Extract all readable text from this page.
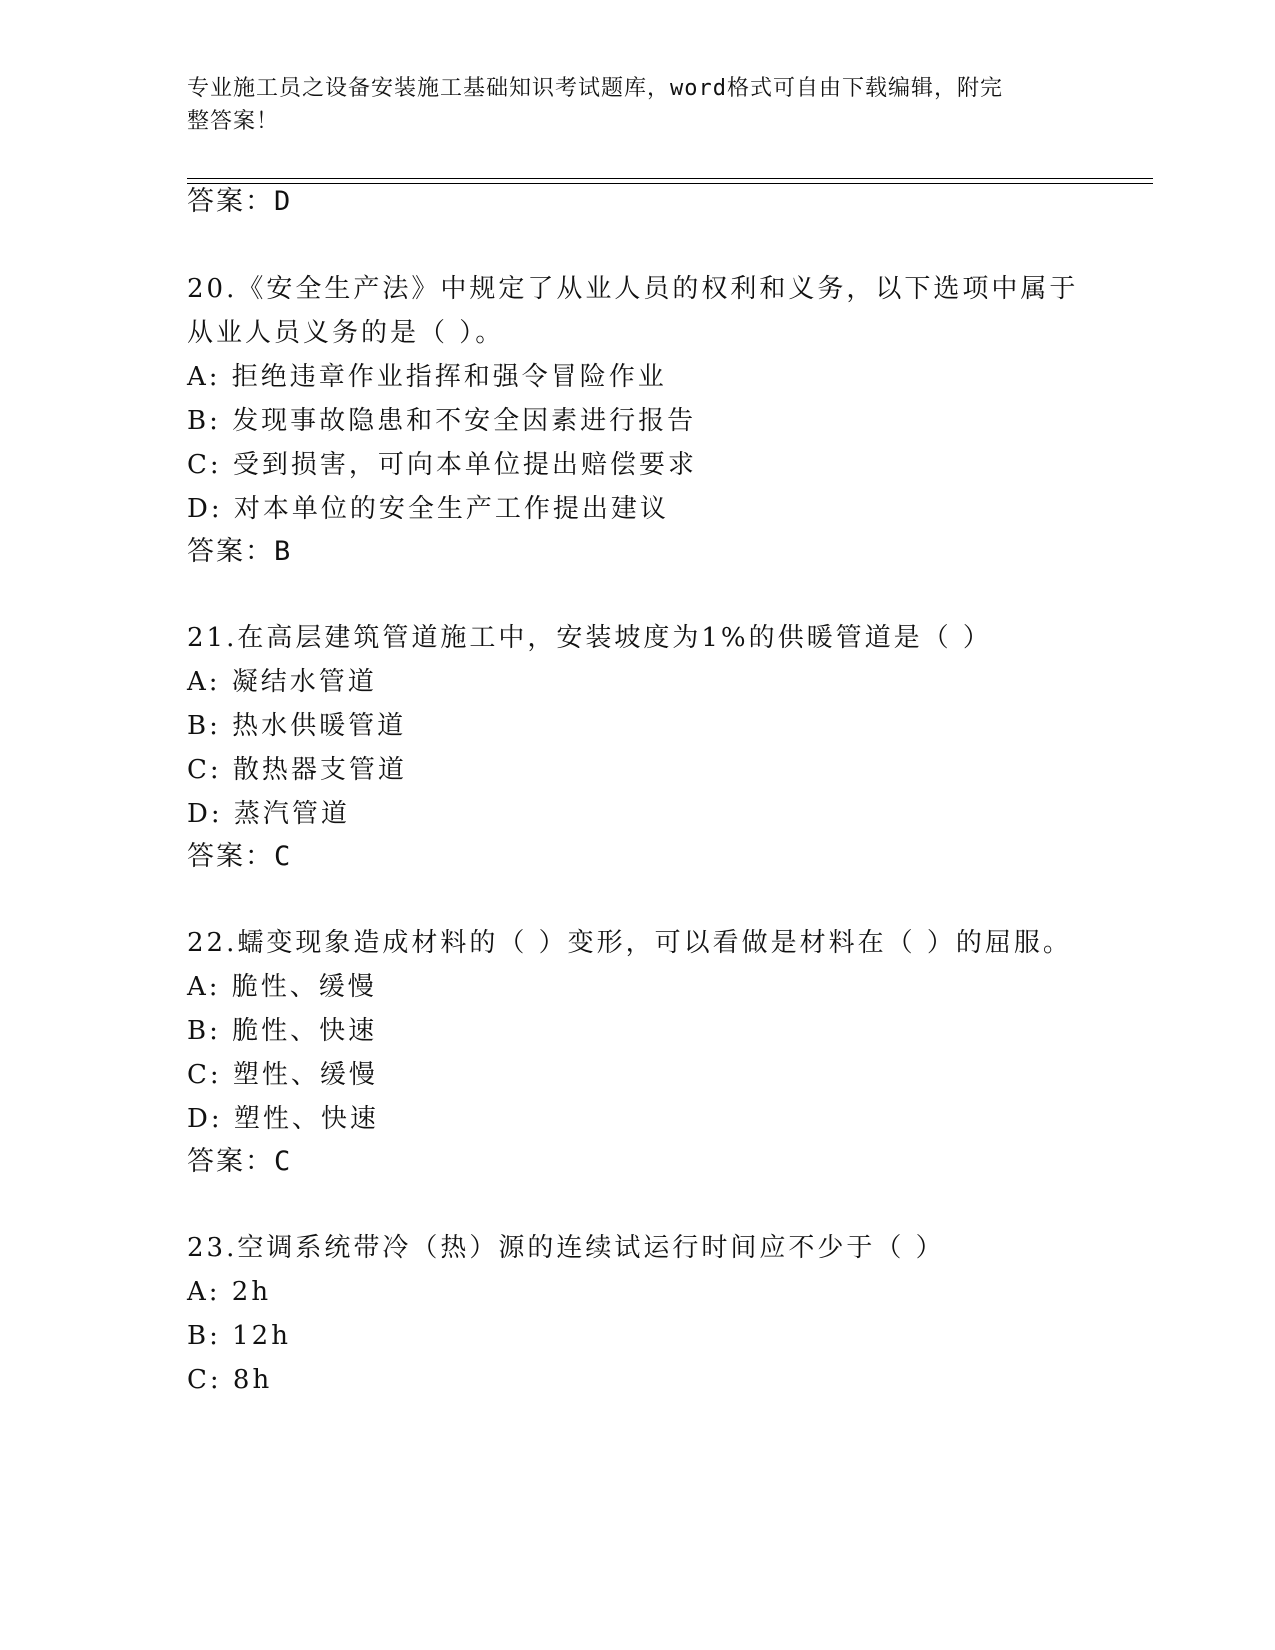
专业施工员之设备安装施工基础知识考试题库，word格式可自由下载编辑，附完
整答案！
答案：D
20.《安全生产法》中规定了从业人员的权利和义务，以下选项中属于
从业人员义务的是（ ）。
A: 拒绝违章作业指挥和强令冒险作业
B: 发现事故隐患和不安全因素进行报告
C: 受到损害，可向本单位提出赔偿要求
D: 对本单位的安全生产工作提出建议
答案：B
21.在高层建筑管道施工中，安装坡度为1%的供暖管道是（ ）
A: 凝结水管道
B: 热水供暖管道
C: 散热器支管道
D: 蒸汽管道
答案：C
22.蠕变现象造成材料的（ ）变形，可以看做是材料在（ ）的屈服。
A: 脆性、缓慢
B: 脆性、快速
C: 塑性、缓慢
D: 塑性、快速
答案：C
23.空调系统带冷（热）源的连续试运行时间应不少于（ ）
A: 2h
B: 12h
C: 8h
